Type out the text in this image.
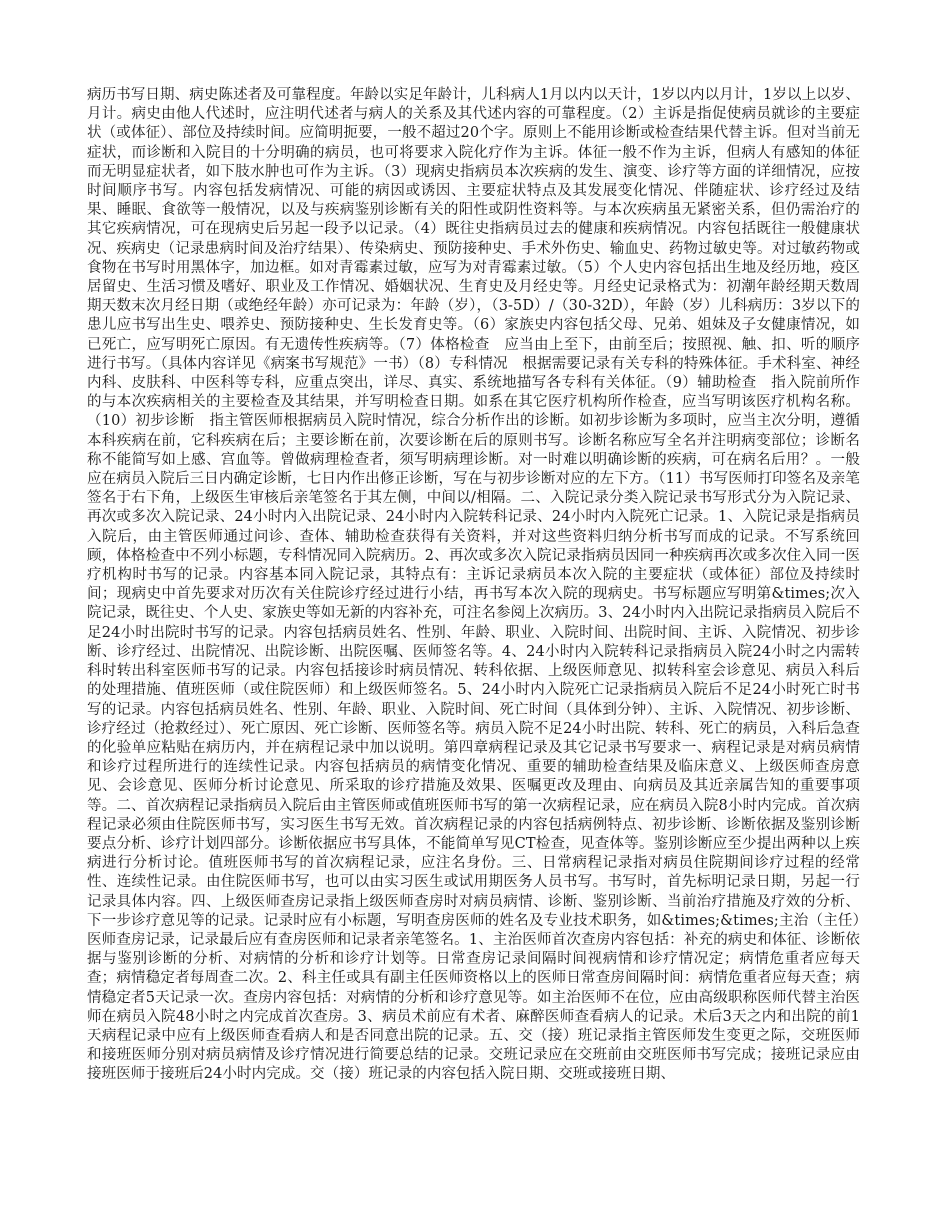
病历书写日期、病史陈述者及可靠程度。年龄以实足年龄计，儿科病人1月以内以天计，1岁以内以月计，1岁以上以岁、月计。病史由他人代述时，应注明代述者与病人的关系及其代述内容的可靠程度。（2）主诉是指促使病员就诊的主要症状（或体征）、部位及持续时间。应简明扼要，一般不超过20个字。原则上不能用诊断或检查结果代替主诉。但对当前无症状，而诊断和入院目的十分明确的病员，也可将要求入院化疗作为主诉。体征一般不作为主诉，但病人有感知的体征而无明显症状者，如下肢水肿也可作为主诉。（3）现病史指病员本次疾病的发生、演变、诊疗等方面的详细情况，应按时间顺序书写。内容包括发病情况、可能的病因或诱因、主要症状特点及其发展变化情况、伴随症状、诊疗经过及结果、睡眠、食欲等一般情况，以及与疾病鉴别诊断有关的阳性或阴性资料等。与本次疾病虽无紧密关系，但仍需治疗的其它疾病情况，可在现病史后另起一段予以记录。（4）既往史指病员过去的健康和疾病情况。内容包括既往一般健康状况、疾病史（记录患病时间及治疗结果）、传染病史、预防接种史、手术外伤史、输血史、药物过敏史等。对过敏药物或食物在书写时用黑体字，加边框。如对青霉素过敏，应写为对青霉素过敏。（5）个人史内容包括出生地及经历地，疫区居留史、生活习惯及嗜好、职业及工作情况、婚姻状况、生育史及月经史等。月经史记录格式为：初潮年龄经期天数周期天数末次月经日期（或绝经年龄）亦可记录为：年龄（岁），（3-5D）/（30-32D），年龄（岁）儿科病历：3岁以下的患儿应书写出生史、喂养史、预防接种史、生长发育史等。（6）家族史内容包括父母、兄弟、姐妹及子女健康情况，如已死亡，应写明死亡原因。有无遗传性疾病等。（7）体格检查　应当由上至下，由前至后；按照视、触、扣、听的顺序进行书写。（具体内容详见《病案书写规范》一书）（8）专科情况　根据需要记录有关专科的特殊体征。手术科室、神经内科、皮肤科、中医科等专科，应重点突出，详尽、真实、系统地描写各专科有关体征。（9）辅助检查　指入院前所作的与本次疾病相关的主要检查及其结果，并写明检查日期。如系在其它医疗机构所作检查，应当写明该医疗机构名称。（10）初步诊断　指主管医师根据病员入院时情况，综合分析作出的诊断。如初步诊断为多项时，应当主次分明，遵循本科疾病在前，它科疾病在后；主要诊断在前，次要诊断在后的原则书写。诊断名称应写全名并注明病变部位；诊断名称不能简写如上感、宫血等。曾做病理检查者，须写明病理诊断。对一时难以明确诊断的疾病，可在病名后用？。一般应在病员入院后三日内确定诊断，七日内作出修正诊断，写在与初步诊断对应的左下方。（11）书写医师打印签名及亲笔签名于右下角，上级医生审核后亲笔签名于其左侧，中间以/相隔。二、入院记录分类入院记录书写形式分为入院记录、再次或多次入院记录、24小时内入出院记录、24小时内入院转科记录、24小时内入院死亡记录。1、入院记录是指病员入院后，由主管医师通过问诊、查体、辅助检查获得有关资料，并对这些资料归纳分析书写而成的记录。不写系统回顾，体格检查中不列小标题，专科情况同入院病历。2、再次或多次入院记录指病员因同一种疾病再次或多次住入同一医疗机构时书写的记录。内容基本同入院记录，其特点有：主诉记录病员本次入院的主要症状（或体征）部位及持续时间；现病史中首先要求对历次有关住院诊疗经过进行小结，再书写本次入院的现病史。书写标题应写明第&times;次入院记录，既往史、个人史、家族史等如无新的内容补充，可注名参阅上次病历。3、24小时内入出院记录指病员入院后不足24小时出院时书写的记录。内容包括病员姓名、性别、年龄、职业、入院时间、出院时间、主诉、入院情况、初步诊断、诊疗经过、出院情况、出院诊断、出院医嘱、医师签名等。4、24小时内入院转科记录指病员入院24小时之内需转科时转出科室医师书写的记录。内容包括接诊时病员情况、转科依据、上级医师意见、拟转科室会诊意见、病员入科后的处理措施、值班医师（或住院医师）和上级医师签名。5、24小时内入院死亡记录指病员入院后不足24小时死亡时书写的记录。内容包括病员姓名、性别、年龄、职业、入院时间、死亡时间（具体到分钟）、主诉、入院情况、初步诊断、诊疗经过（抢救经过）、死亡原因、死亡诊断、医师签名等。病员入院不足24小时出院、转科、死亡的病员，入科后急查的化验单应粘贴在病历内，并在病程记录中加以说明。第四章病程记录及其它记录书写要求一、病程记录是对病员病情和诊疗过程所进行的连续性记录。内容包括病员的病情变化情况、重要的辅助检查结果及临床意义、上级医师查房意见、会诊意见、医师分析讨论意见、所采取的诊疗措施及效果、医嘱更改及理由、向病员及其近亲属告知的重要事项等。二、首次病程记录指病员入院后由主管医师或值班医师书写的第一次病程记录，应在病员入院8小时内完成。首次病程记录必须由住院医师书写，实习医生书写无效。首次病程记录的内容包括病例特点、初步诊断、诊断依据及鉴别诊断要点分析、诊疗计划四部分。诊断依据应书写具体，不能简单写见CT检查，见查体等。鉴别诊断应至少提出两种以上疾病进行分析讨论。值班医师书写的首次病程记录，应注名身份。三、日常病程记录指对病员住院期间诊疗过程的经常性、连续性记录。由住院医师书写，也可以由实习医生或试用期医务人员书写。书写时，首先标明记录日期，另起一行记录具体内容。四、上级医师查房记录指上级医师查房时对病员病情、诊断、鉴别诊断、当前治疗措施及疗效的分析、下一步诊疗意见等的记录。记录时应有小标题，写明查房医师的姓名及专业技术职务，如&times;&times;主治（主任）医师查房记录，记录最后应有查房医师和记录者亲笔签名。1、主治医师首次查房内容包括：补充的病史和体征、诊断依据与鉴别诊断的分析、对病情的分析和诊疗计划等。日常查房记录间隔时间视病情和诊疗情况定；病情危重者应每天查；病情稳定者每周查二次。2、科主任或具有副主任医师资格以上的医师日常查房间隔时间：病情危重者应每天查；病情稳定者5天记录一次。查房内容包括：对病情的分析和诊疗意见等。如主治医师不在位，应由高级职称医师代替主治医师在病员入院48小时之内完成首次查房。3、病员术前应有术者、麻醉医师查看病人的记录。术后3天之内和出院的前1天病程记录中应有上级医师查看病人和是否同意出院的记录。五、交（接）班记录指主管医师发生变更之际，交班医师和接班医师分别对病员病情及诊疗情况进行简要总结的记录。交班记录应在交班前由交班医师书写完成；接班记录应由接班医师于接班后24小时内完成。交（接）班记录的内容包括入院日期、交班或接班日期、
